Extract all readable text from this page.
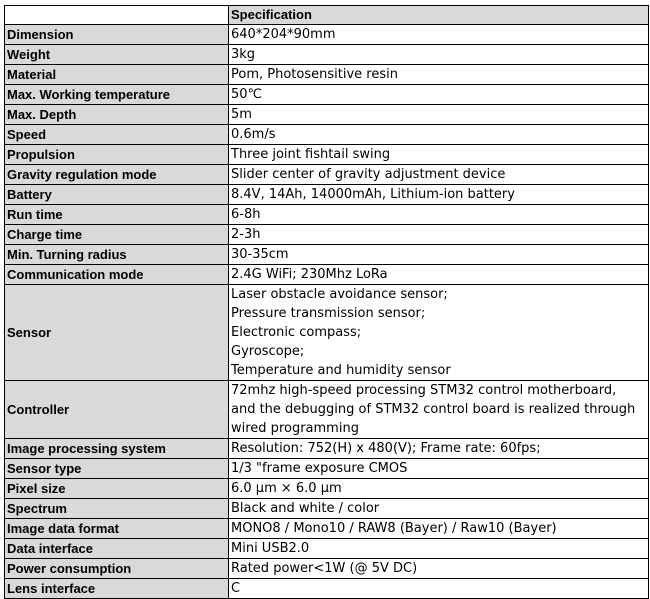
	Specification
Dimension	640*204*90mm

Weight	3kg

Material	Pom, Photosensitive resin

Max. Working temperature	50℃

Max. Depth	5m

Speed	0.6m/s

Propulsion	Three joint fishtail swing

Gravity regulation mode	Slider center of gravity adjustment device

Battery	8.4V, 14Ah, 14000mAh, Lithium-ion battery

Run time	6-8h

Charge time	2-3h

Min. Turning radius	30-35cm

Communication mode	2.4G WiFi; 230Mhz LoRa

Sensor	Laser obstacle avoidance sensor;
Pressure transmission sensor;
Electronic compass;
Gyroscope;
Temperature and humidity sensor

Controller	72mhz high-speed processing STM32 control motherboard,
and the debugging of STM32 control board is realized through
wired programming

Image processing system	Resolution: 752(H) x 480(V); Frame rate: 60fps;

Sensor type	1/3 "frame exposure CMOS

Pixel size	6.0 μm × 6.0 μm

Spectrum	Black and white / color

Image data format	MONO8 / Mono10 / RAW8 (Bayer) / Raw10 (Bayer)

Data interface	Mini USB2.0

Power consumption	Rated power<1W (@ 5V DC)

Lens interface	C
